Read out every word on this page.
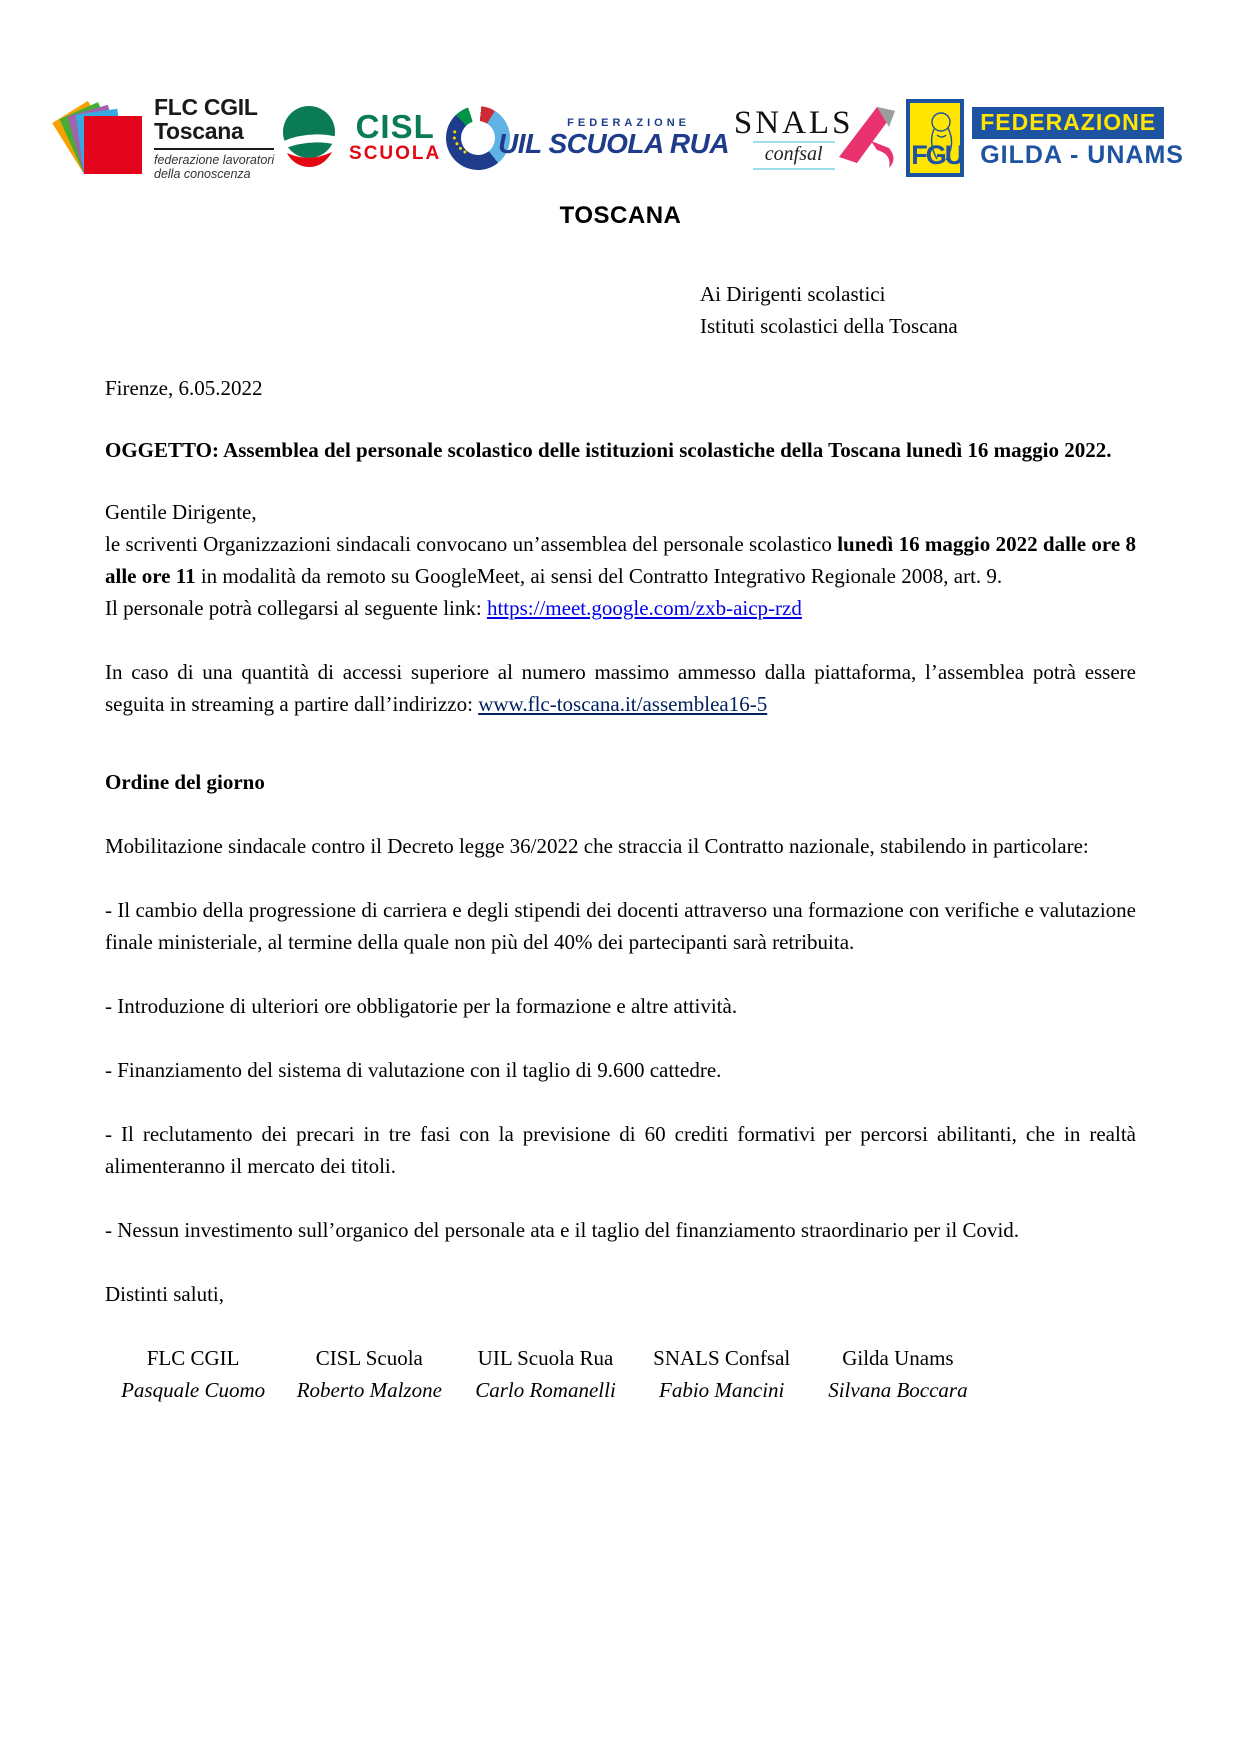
FLC CGIL
Toscana
federazione lavoratori
della conoscenza
CISL
SCUOLA
FEDERAZIONE
UIL SCUOLA RUA
SNALS
confsal	FGU
FEDERAZIONE
GILDA - UNAMS
TOSCANA
Ai Dirigenti scolastici
Istituti scolastici della Toscana
Firenze, 6.05.2022
OGGETTO: Assemblea del personale scolastico delle istituzioni scolastiche della Toscana lunedì 16 maggio 2022.
Gentile Dirigente,
le scriventi Organizzazioni sindacali convocano un’assemblea del personale scolastico lunedì 16 maggio 2022 dalle ore 8 alle ore 11 in modalità da remoto su GoogleMeet, ai sensi del Contratto Integrativo Regionale 2008, art. 9.
Il personale potrà collegarsi al seguente link: https://meet.google.com/zxb-aicp-rzd
In caso di una quantità di accessi superiore al numero massimo ammesso dalla piattaforma, l’assemblea potrà essere seguita in streaming a partire dall’indirizzo: www.flc-toscana.it/assemblea16-5
Ordine del giorno
Mobilitazione sindacale contro il Decreto legge 36/2022 che straccia il Contratto nazionale, stabilendo in particolare:
- Il cambio della progressione di carriera e degli stipendi dei docenti attraverso una formazione con verifiche e valutazione finale ministeriale, al termine della quale non più del 40% dei partecipanti sarà retribuita.
- Introduzione di ulteriori ore obbligatorie per la formazione e altre attività.
- Finanziamento del sistema di valutazione con il taglio di 9.600 cattedre.
- Il reclutamento dei precari in tre fasi con la previsione di 60 crediti formativi per percorsi abilitanti, che in realtà alimenteranno il mercato dei titoli.
- Nessun investimento sull’organico del personale ata e il taglio del finanziamento straordinario per il Covid.
Distinti saluti,
FLC CGIL	CISL Scuola	UIL Scuola Rua	SNALS Confsal	Gilda Unams
Pasquale Cuomo	Roberto Malzone	Carlo Romanelli	Fabio Mancini	Silvana Boccara
